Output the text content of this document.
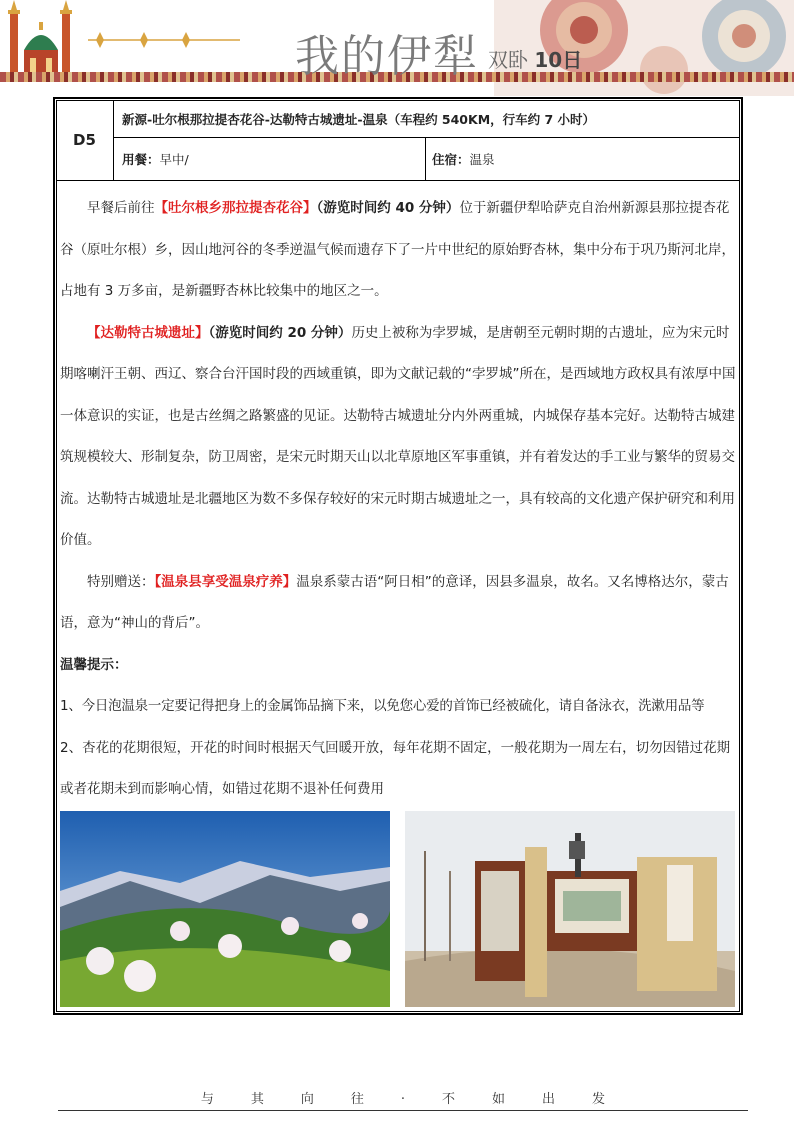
我的伊犁 双卧 10日
D5
新源-吐尔根那拉提杏花谷-达勒特古城遗址-温泉（车程约 540KM，行车约 7 小时）
用餐： 早中/	住宿： 温泉

早餐后前往【吐尔根乡那拉提杏花谷】（游览时间约 40 分钟）位于新疆伊犁哈萨克自治州新源县那拉提杏花谷（原吐尔根）乡，因山地河谷的冬季逆温气候而遗存下了一片中世纪的原始野杏林，集中分布于巩乃斯河北岸，占地有 3 万多亩，是新疆野杏林比较集中的地区之一。

【达勒特古城遗址】（游览时间约 20 分钟）历史上被称为孛罗城，是唐朝至元朝时期的古遗址，应为宋元时期喀喇汗王朝、西辽、察合台汗国时段的西域重镇，即为文献记载的“孛罗城”所在，是西域地方政权具有浓厚中国一体意识的实证，也是古丝绸之路繁盛的见证。达勒特古城遗址分内外两重城，内城保存基本完好。达勒特古城建筑规模较大、形制复杂，防卫周密，是宋元时期天山以北草原地区军事重镇，并有着发达的手工业与繁华的贸易交流。达勒特古城遗址是北疆地区为数不多保存较好的宋元时期古城遗址之一，具有较高的文化遗产保护研究和利用价值。

特别赠送：【温泉县享受温泉疗养】温泉系蒙古语“阿日相”的意译，因县多温泉，故名。又名博格达尔，蒙古语，意为“神山的背后”。

温馨提示：

1、今日泡温泉一定要记得把身上的金属饰品摘下来，以免您心爱的首饰已经被硫化，请自备泳衣，洗漱用品等

2、杏花的花期很短，开花的时间时根据天气回暖开放，每年花期不固定，一般花期为一周左右，切勿因错过花期或者花期未到而影响心情，如错过花期不退补任何费用

与其向往·不如出发
